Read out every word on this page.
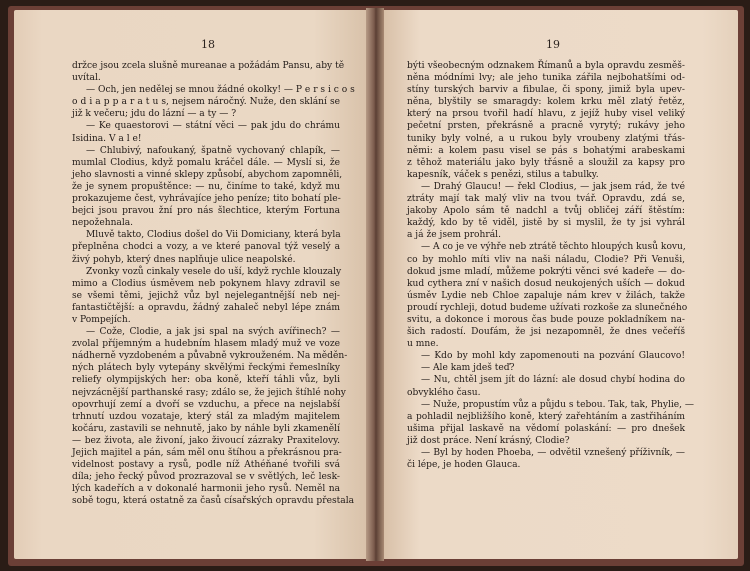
18
držce jsou zcela slušně mureanae a požádám Pansu, aby tě
uvítal.
— Och, jen nedělej se mnou žádné okolky! — P e r s i c o s
o d i a p p a r a t u s, nejsem náročný. Nuže, den sklání se
již k večeru; jdu do lázní — a ty — ?
— Ke quaestorovi — státní věci — pak jdu do chrámu
Isidina. V a l e!
— Chlubivý, nafoukaný, špatně vychovaný chlapík, —
mumlal Clodius, když pomalu kráčel dále. — Myslí si, že
jeho slavnosti a vinné sklepy způsobí, abychom zapomněli,
že je synem propuštěnce: — nu, činíme to také, když mu
prokazujeme čest, vyhrávajíce jeho peníze; tito bohatí ple-
bejci jsou pravou žní pro nás šlechtice, kterým Fortuna
nepožehnala.
Mluvě takto, Clodius došel do Vii Domiciany, která byla
přeplněna chodci a vozy, a ve které panoval týž veselý a
živý pohyb, který dnes naplňuje ulice neapolské.
Zvonky vozů cinkaly vesele do uší, když rychle klouzaly
mimo a Clodius úsměvem neb pokynem hlavy zdravil se
se všemi těmi, jejichž vůz byl nejelegantnější neb nej-
fantastičtější: a opravdu, žádný zahaleč nebyl lépe znám
v Pompejích.
— Cože, Clodie, a jak jsi spal na svých avířinech? —
zvolal příjemným a hudebním hlasem mladý muž ve voze
nádherně vyzdobeném a půvabně vykrouženém. Na měděn-
ných plátech byly vytepány skvělými řeckými řemeslníky
reliefy olympijských her: oba koně, kteří táhli vůz, byli
nejvzácnější parthanské rasy; zdálo se, že jejich štíhlé nohy
opovrhují zemí a dvoří se vzduchu, a přece na nejslabší
trhnutí uzdou vozataje, který stál za mladým majitelem
kočáru, zastavili se nehnutě, jako by náhle byli zkamenělí
— bez života, ale živoní, jako živoucí zázraky Praxitelovy.
Jejich majitel a pán, sám měl onu štíhou a překrásnou pra-
videlnost postavy a rysů, podle níž Athéňané tvořili svá
díla; jeho řecký původ prozrazoval se v světlých, leč lesk-
lých kadeřích a v dokonalé harmonii jeho rysů. Neměl na
sobě togu, která ostatně za časů císařských opravdu přestala
19
býti všeobecným odznakem Římanů a byla opravdu zesměš-
něna módními lvy; ale jeho tunika zářila nejbohatšími od-
stíny turských barviv a fibulae, či spony, jimiž byla upev-
něna, blyštily se smaragdy: kolem krku měl zlatý řetěz,
který na prsou tvořil hadí hlavu, z jejíž huby visel veliký
pečetní prsten, překrásně a pracně vyrytý; rukávy jeho
tuniky byly volné, a u rukou byly vroubeny zlatými třás-
němi: a kolem pasu visel se pás s bohatými arabeskami
z těhož materiálu jako byly třásně a sloužil za kapsy pro
kapesník, váček s penězi, stilus a tabulky.
— Drahý Glaucu! — řekl Clodius, — jak jsem rád, že tvé
ztráty mají tak malý vliv na tvou tvář. Opravdu, zdá se,
jakoby Apolo sám tě nadchl a tvůj obličej září štěstím:
každý, kdo by tě viděl, jistě by si myslil, že ty jsi vyhrál
a já že jsem prohrál.
— A co je ve výhře neb ztrátě těchto hloupých kusů kovu,
co by mohlo míti vliv na naši náladu, Clodie? Při Venuši,
dokud jsme mladí, můžeme pokrýti věnci své kadeře — do-
kud cythera zní v našich dosud neukojených uších — dokud
úsměv Lydie neb Chloe zapaluje nám krev v žilách, takže
proudí rychleji, dotud budeme užívati rozkoše za slunečného
svitu, a dokonce i morous čas bude pouze pokladníkem na-
šich radostí. Doufám, že jsi nezapomněl, že dnes večeříš
u mne.
— Kdo by mohl kdy zapomenouti na pozvání Glaucovo!
— Ale kam jdeš teď?
— Nu, chtěl jsem jít do lázní: ale dosud chybí hodina do
obvyklého času.
— Nuže, propustím vůz a půjdu s tebou. Tak, tak, Phylie, —
a pohladil nejbližšího koně, který zařehtáním a zastřiháním
ušima přijal laskavě na vědomí polaskání: — pro dnešek
již dost práce. Není krásný, Clodie?
— Byl by hoden Phoeba, — odvětil vznešený příživník, —
či lépe, je hoden Glauca.
